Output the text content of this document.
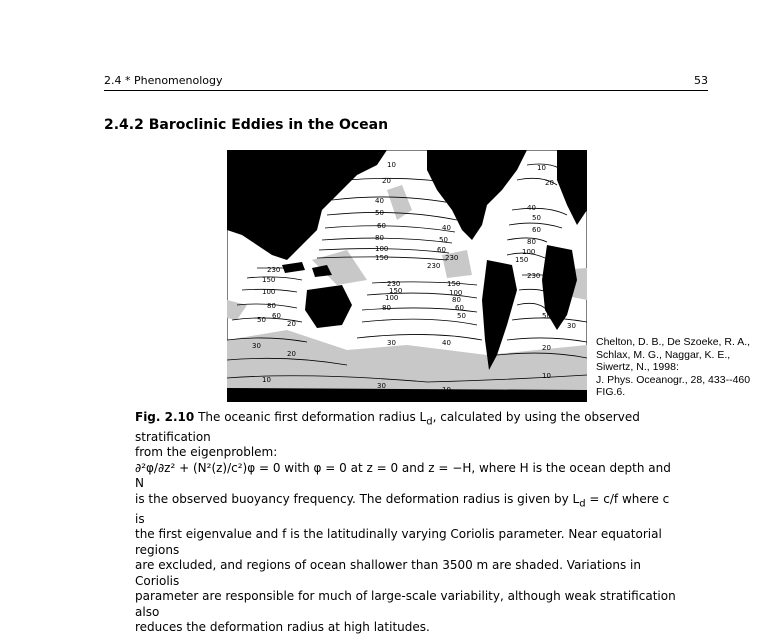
2.4 * Phenomenology	53
2.4.2 Baroclinic Eddies in the Ocean
20
10
40
50
60
80
100
150
230
230
150
100
80
60
50	20
30
20
10
30	40
230
150
100
80
150
100
80
60
50
30	10
230
100
80
60
50
30
20
10
10
20
40
50
60
80
100
150
40
50
60
230
Chelton, D. B., De Szoeke, R. A.,
Schlax, M. G., Naggar, K. E.,
Siwertz, N., 1998:
J. Phys. Oceanogr., 28, 433--460
FIG.6.

Fig. 2.10 The oceanic first deformation radius $L_d$, calculated by using the observed stratification

from the eigenproblem:

∂²φ/∂z² + (N²(z)/c²)φ = 0 with φ = 0 at z = 0 and z = −H, where H is the ocean depth and N

is the observed buoyancy frequency. The deformation radius is given by $L_d = c/f$ where c is

the first eigenvalue and f is the latitudinally varying Coriolis parameter. Near equatorial regions

are excluded, and regions of ocean shallower than 3500 m are shaded. Variations in Coriolis

parameter are responsible for much of large-scale variability, although weak stratification also

reduces the deformation radius at high latitudes.
